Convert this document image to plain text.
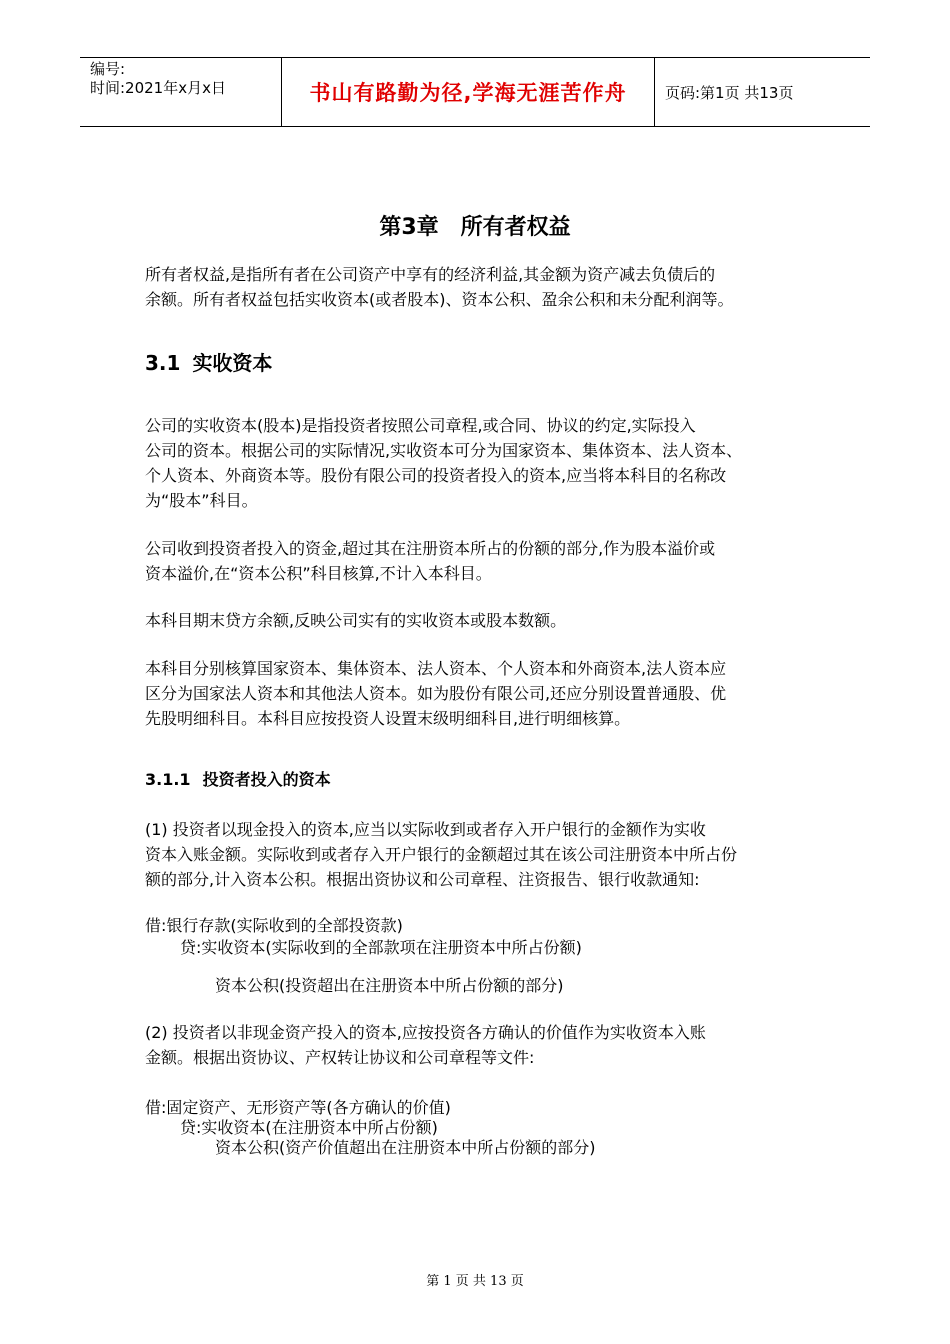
编号:
时间:2021年x月x日	书山有路勤为径,学海无涯苦作舟	页码:第1页 共13页
第3章 所有者权益

所有者权益,是指所有者在公司资产中享有的经济利益,其金额为资产减去负债后的

余额。所有者权益包括实收资本(或者股本)、资本公积、盈余公积和未分配利润等。

3.1 实收资本

公司的实收资本(股本)是指投资者按照公司章程,或合同、协议的约定,实际投入

公司的资本。根据公司的实际情况,实收资本可分为国家资本、集体资本、法人资本、

个人资本、外商资本等。股份有限公司的投资者投入的资本,应当将本科目的名称改

为“股本”科目。

公司收到投资者投入的资金,超过其在注册资本所占的份额的部分,作为股本溢价或

资本溢价,在“资本公积”科目核算,不计入本科目。

本科目期末贷方余额,反映公司实有的实收资本或股本数额。

本科目分别核算国家资本、集体资本、法人资本、个人资本和外商资本,法人资本应

区分为国家法人资本和其他法人资本。如为股份有限公司,还应分别设置普通股、优

先股明细科目。本科目应按投资人设置末级明细科目,进行明细核算。

3.1.1 投资者投入的资本

(1) 投资者以现金投入的资本,应当以实际收到或者存入开户银行的金额作为实收

资本入账金额。实际收到或者存入开户银行的金额超过其在该公司注册资本中所占份

额的部分,计入资本公积。根据出资协议和公司章程、注资报告、银行收款通知:

借:银行存款(实际收到的全部投资款)
贷:实收资本(实际收到的全部款项在注册资本中所占份额)
资本公积(投资超出在注册资本中所占份额的部分)

(2) 投资者以非现金资产投入的资本,应按投资各方确认的价值作为实收资本入账

金额。根据出资协议、产权转让协议和公司章程等文件:

借:固定资产、无形资产等(各方确认的价值)
贷:实收资本(在注册资本中所占份额)
资本公积(资产价值超出在注册资本中所占份额的部分)
第 1 页 共 13 页
